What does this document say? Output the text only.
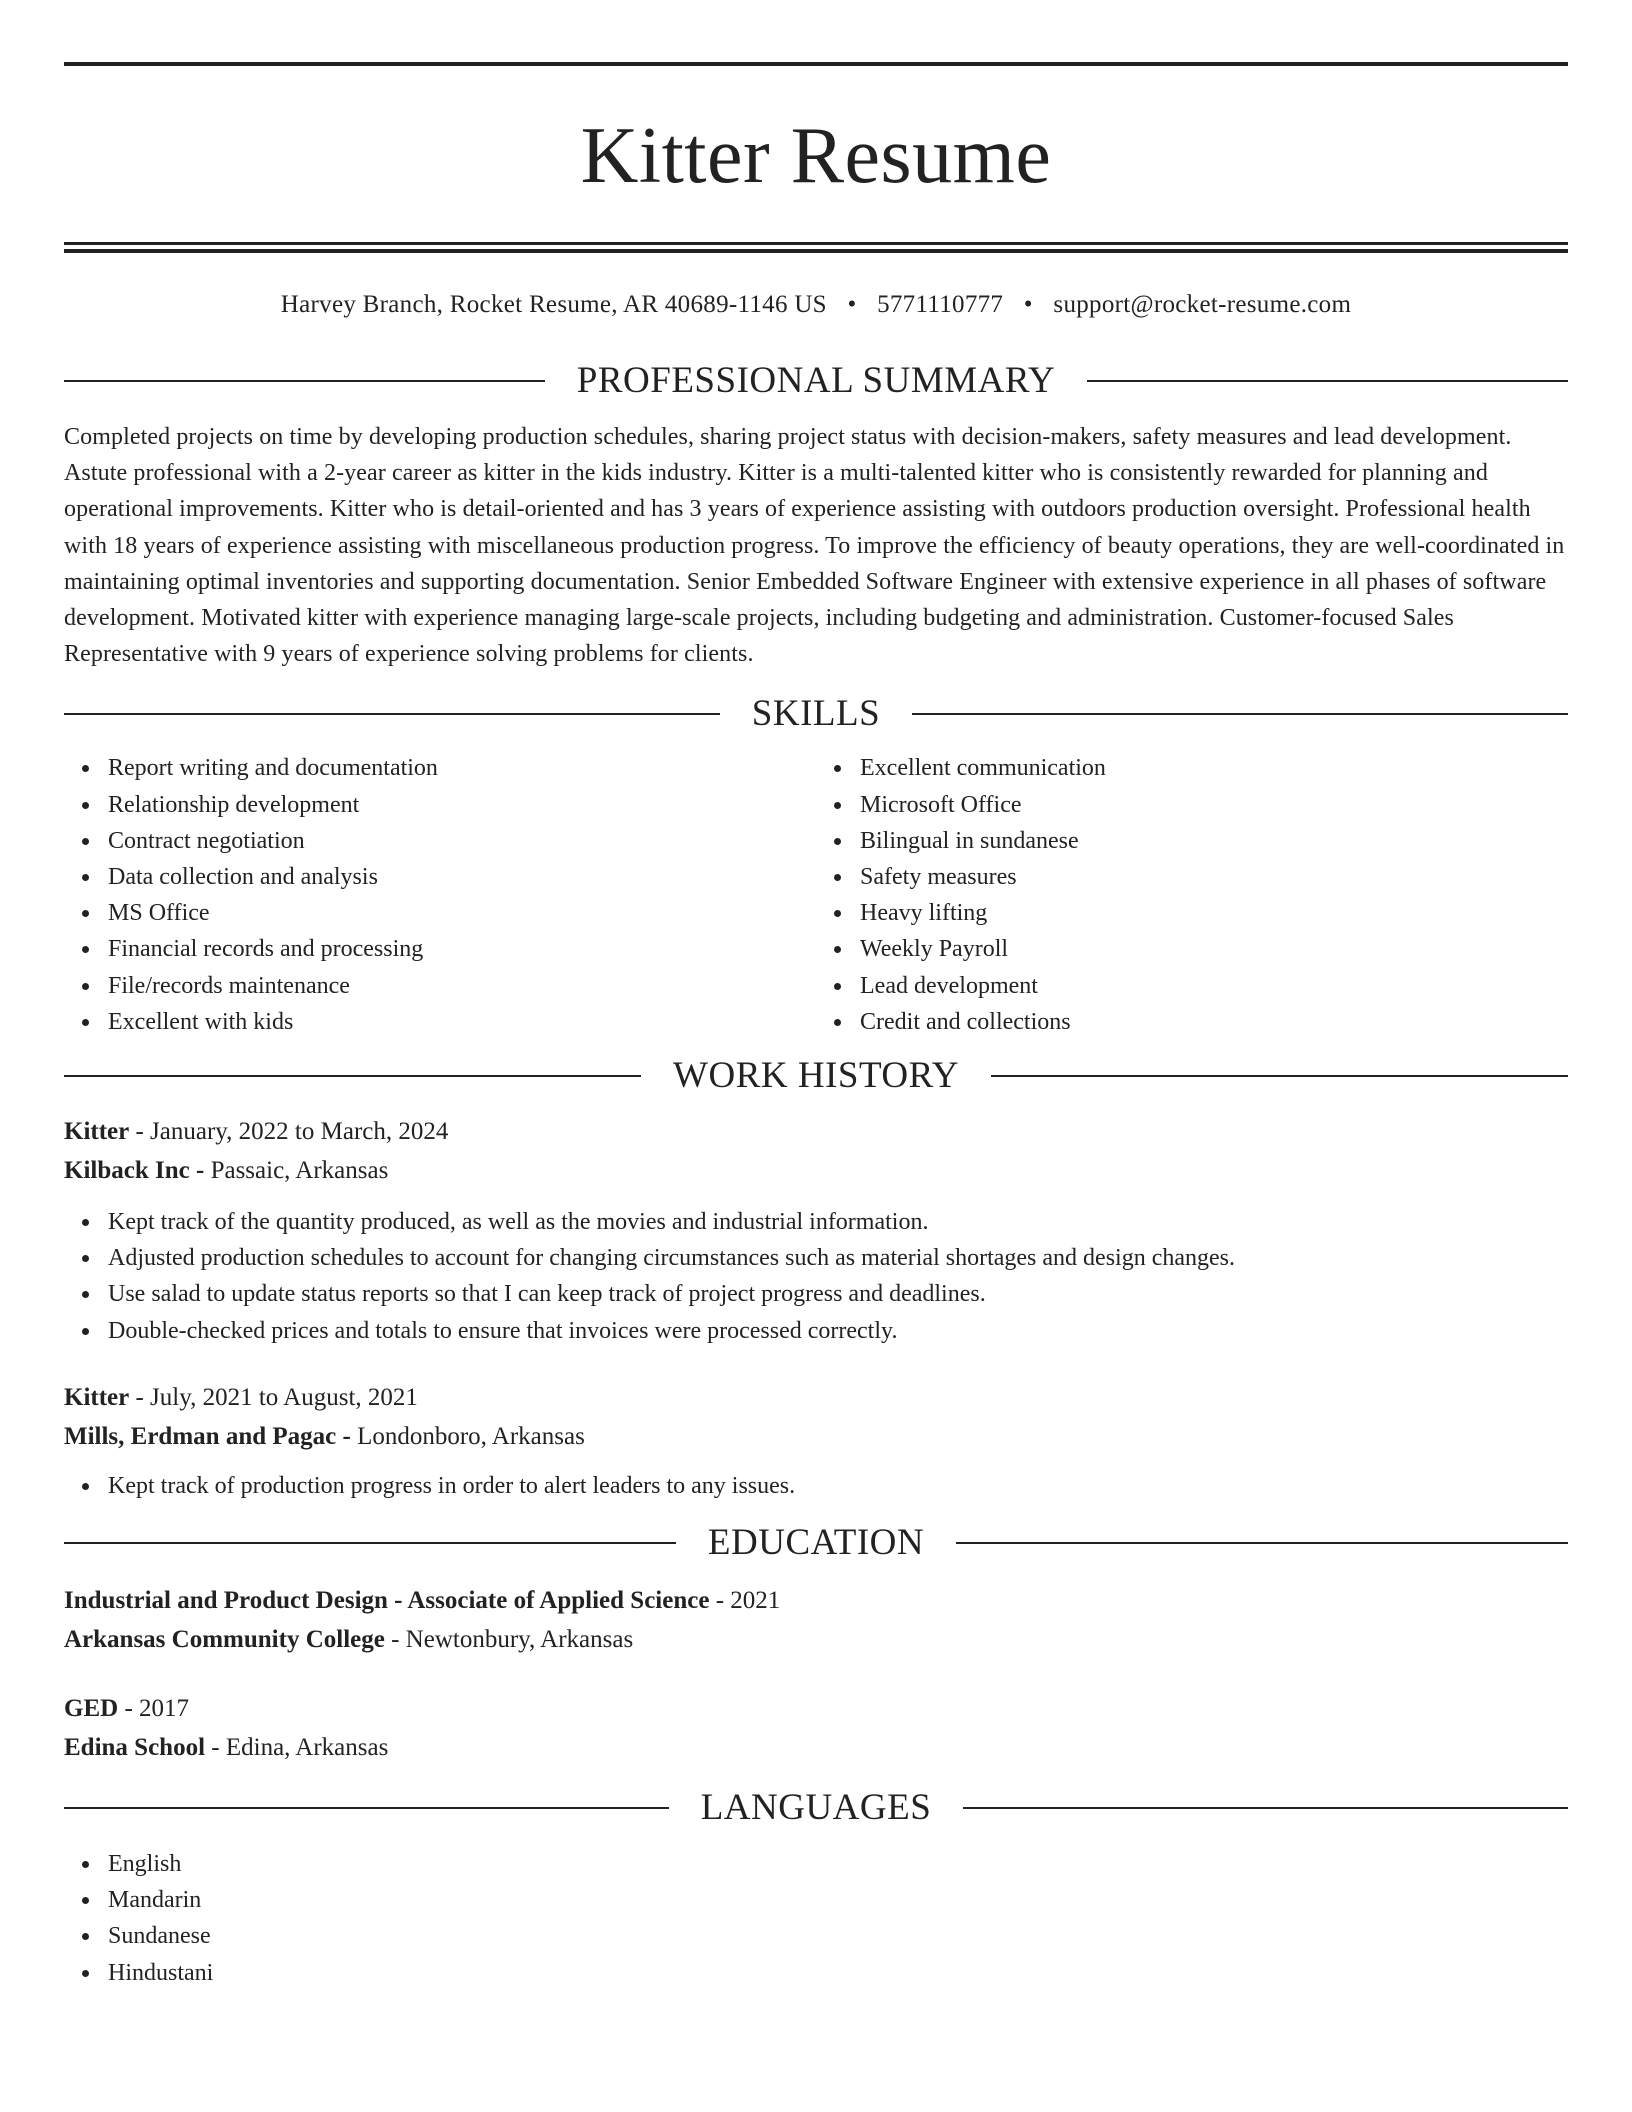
Kitter Resume
Harvey Branch, Rocket Resume, AR 40689-1146 US • 5771110777 • support@rocket-resume.com
PROFESSIONAL SUMMARY

Completed projects on time by developing production schedules, sharing project status with decision-makers, safety measures and lead development. Astute professional with a 2-year career as kitter in the kids industry. Kitter is a multi-talented kitter who is consistently rewarded for planning and operational improvements. Kitter who is detail-oriented and has 3 years of experience assisting with outdoors production oversight. Professional health with 18 years of experience assisting with miscellaneous production progress. To improve the efficiency of beauty operations, they are well-coordinated in maintaining optimal inventories and supporting documentation. Senior Embedded Software Engineer with extensive experience in all phases of software development. Motivated kitter with experience managing large-scale projects, including budgeting and administration. Customer-focused Sales Representative with 9 years of experience solving problems for clients.

SKILLS
Report writing and documentation
Relationship development
Contract negotiation
Data collection and analysis
MS Office
Financial records and processing
File/records maintenance
Excellent with kids
Excellent communication
Microsoft Office
Bilingual in sundanese
Safety measures
Heavy lifting
Weekly Payroll
Lead development
Credit and collections
WORK HISTORY
Kitter - January, 2022 to March, 2024
Kilback Inc - Passaic, Arkansas
Kept track of the quantity produced, as well as the movies and industrial information.
Adjusted production schedules to account for changing circumstances such as material shortages and design changes.
Use salad to update status reports so that I can keep track of project progress and deadlines.
Double-checked prices and totals to ensure that invoices were processed correctly.
Kitter - July, 2021 to August, 2021
Mills, Erdman and Pagac - Londonboro, Arkansas
Kept track of production progress in order to alert leaders to any issues.
EDUCATION
Industrial and Product Design - Associate of Applied Science - 2021
Arkansas Community College - Newtonbury, Arkansas
GED - 2017
Edina School - Edina, Arkansas
LANGUAGES
English
Mandarin
Sundanese
Hindustani
